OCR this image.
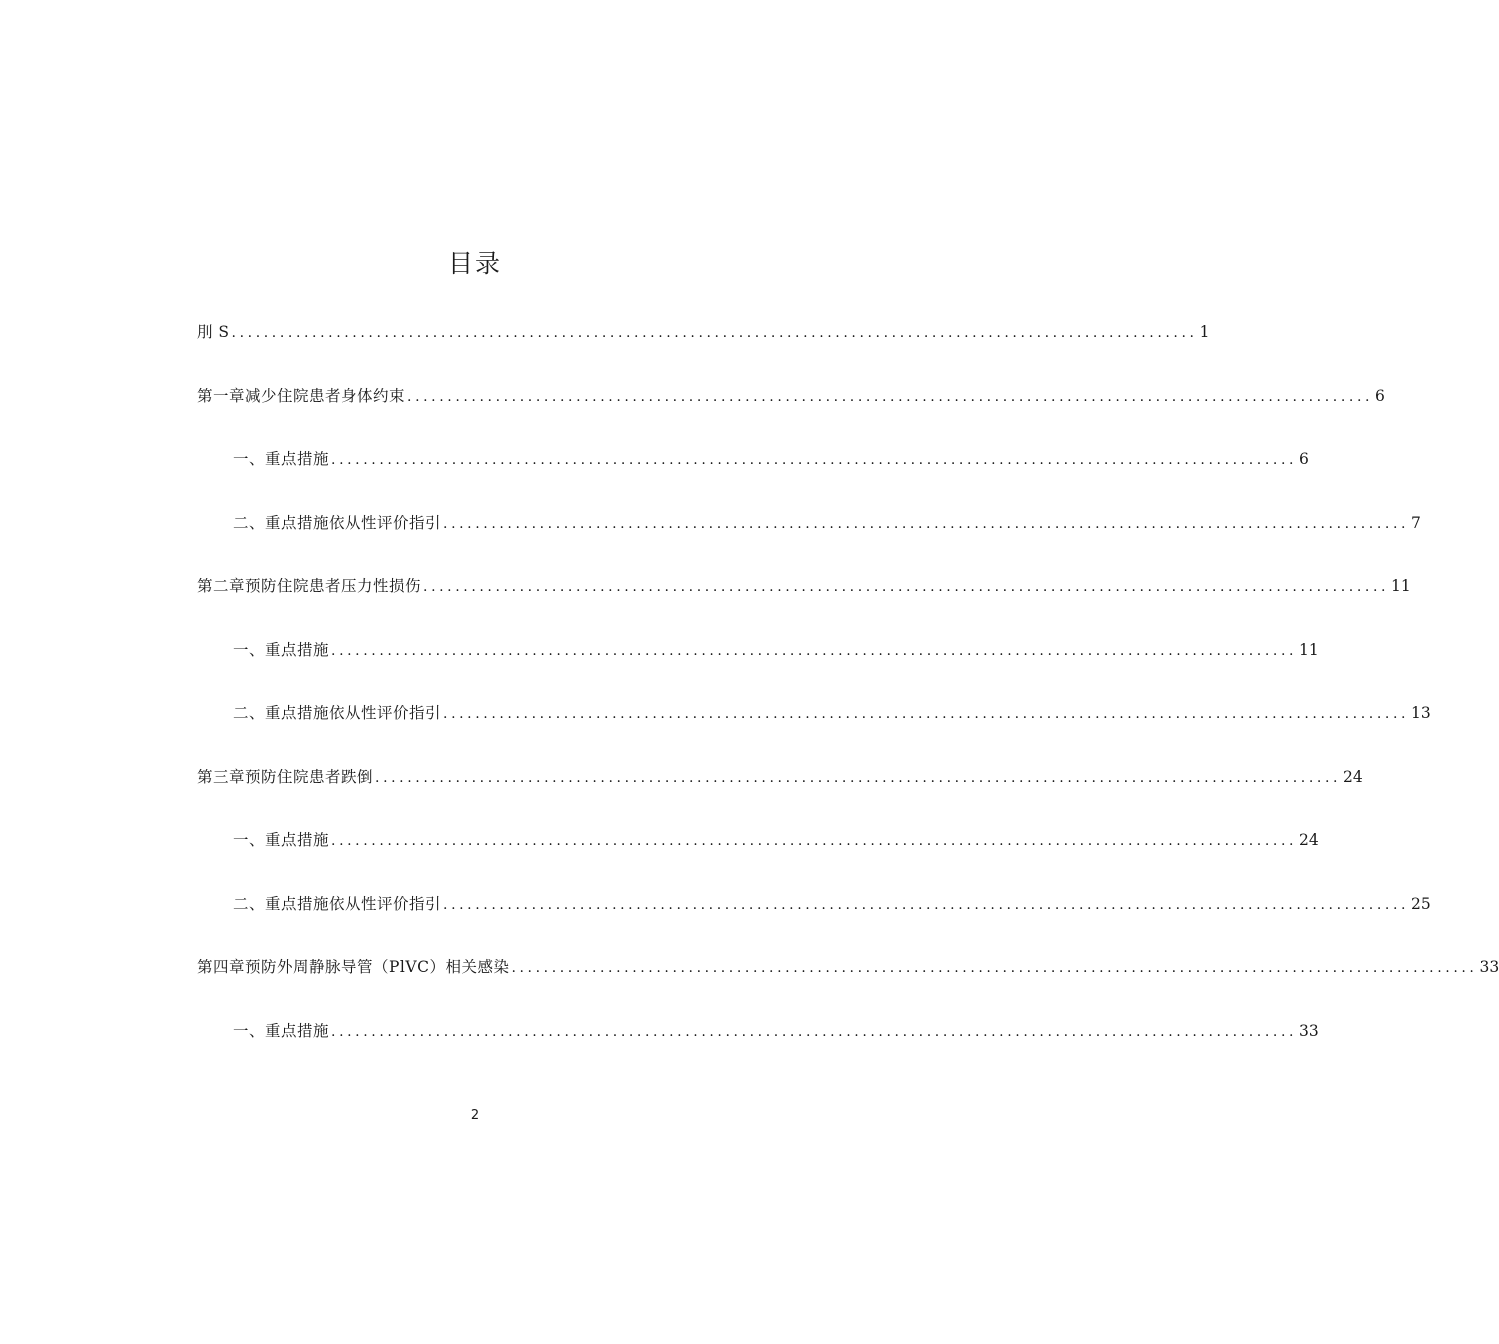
目录
刖 S ........................................................................................................................ 1
第一章减少住院患者身体约束 ........................................................................................................................ 6
一、重点措施 ........................................................................................................................ 6
二、重点措施依从性评价指引 ........................................................................................................................ 7
第二章预防住院患者压力性损伤 ........................................................................................................................ 11
一、重点措施 ........................................................................................................................ 11
二、重点措施依从性评价指引 ........................................................................................................................ 13
第三章预防住院患者跌倒 ........................................................................................................................ 24
一、重点措施 ........................................................................................................................ 24
二、重点措施依从性评价指引 ........................................................................................................................ 25
第四章预防外周静脉导管（PlVC）相关感染 ........................................................................................................................ 33
一、重点措施 ........................................................................................................................ 33
2
